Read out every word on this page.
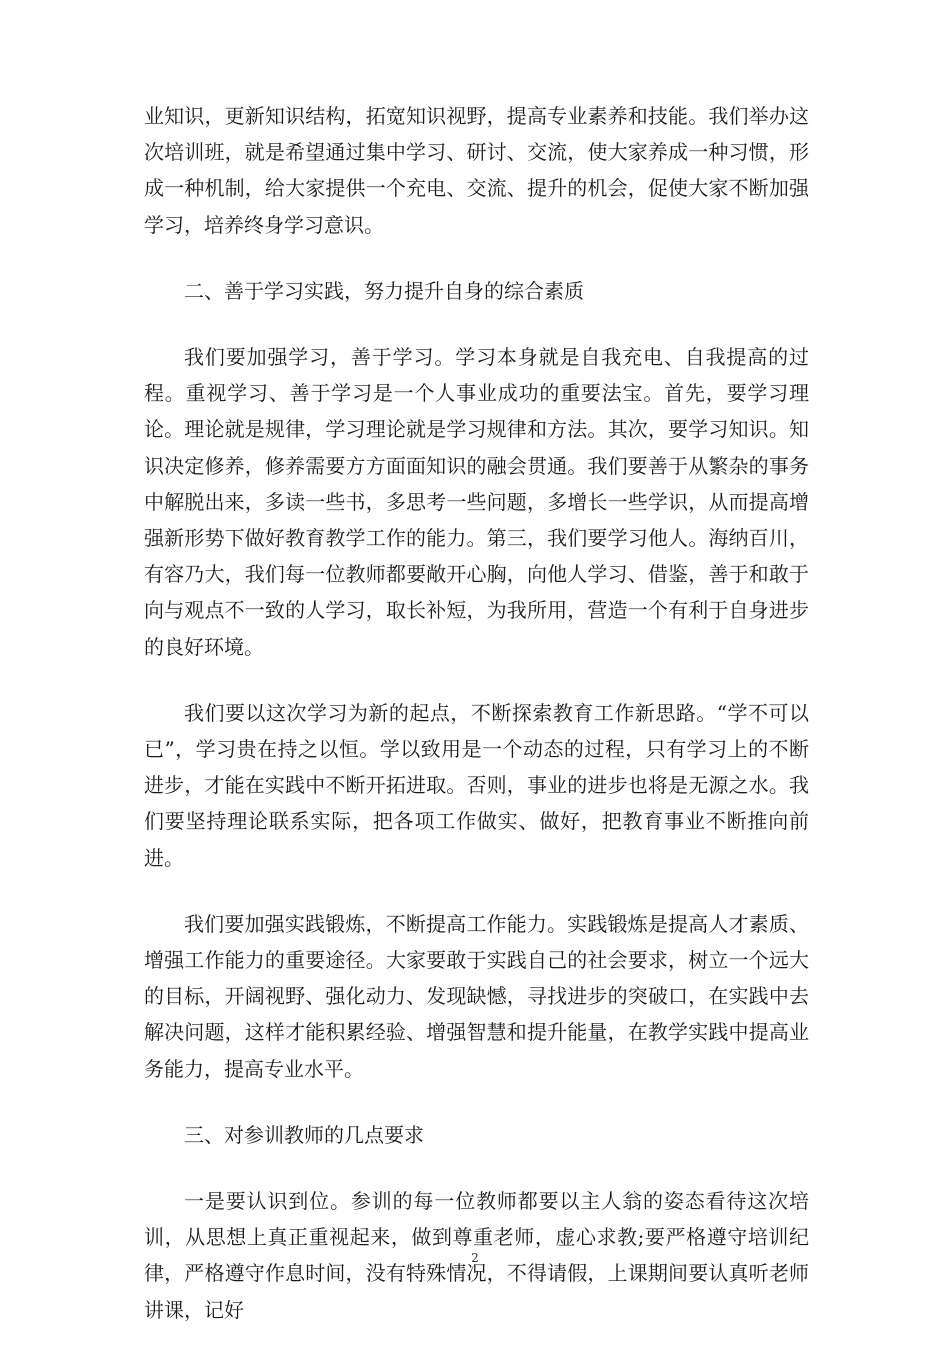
业知识，更新知识结构，拓宽知识视野，提高专业素养和技能。我们举办这次培训班，就是希望通过集中学习、研讨、交流，使大家养成一种习惯，形成一种机制，给大家提供一个充电、交流、提升的机会，促使大家不断加强学习，培养终身学习意识。

二、善于学习实践，努力提升自身的综合素质

我们要加强学习，善于学习。学习本身就是自我充电、自我提高的过程。重视学习、善于学习是一个人事业成功的重要法宝。首先，要学习理论。理论就是规律，学习理论就是学习规律和方法。其次，要学习知识。知识决定修养，修养需要方方面面知识的融会贯通。我们要善于从繁杂的事务中解脱出来，多读一些书，多思考一些问题，多增长一些学识，从而提高增强新形势下做好教育教学工作的能力。第三，我们要学习他人。海纳百川，有容乃大，我们每一位教师都要敞开心胸，向他人学习、借鉴，善于和敢于向与观点不一致的人学习，取长补短，为我所用，营造一个有利于自身进步的良好环境。

我们要以这次学习为新的起点，不断探索教育工作新思路。“学不可以已”，学习贵在持之以恒。学以致用是一个动态的过程，只有学习上的不断进步，才能在实践中不断开拓进取。否则，事业的进步也将是无源之水。我们要坚持理论联系实际，把各项工作做实、做好，把教育事业不断推向前进。

我们要加强实践锻炼，不断提高工作能力。实践锻炼是提高人才素质、增强工作能力的重要途径。大家要敢于实践自己的社会要求，树立一个远大的目标，开阔视野、强化动力、发现缺憾，寻找进步的突破口，在实践中去解决问题，这样才能积累经验、增强智慧和提升能量，在教学实践中提高业务能力，提高专业水平。

三、对参训教师的几点要求

一是要认识到位。参训的每一位教师都要以主人翁的姿态看待这次培训，从思想上真正重视起来，做到尊重老师，虚心求教;要严格遵守培训纪律，严格遵守作息时间，没有特殊情况，不得请假，上课期间要认真听老师讲课，记好

2
